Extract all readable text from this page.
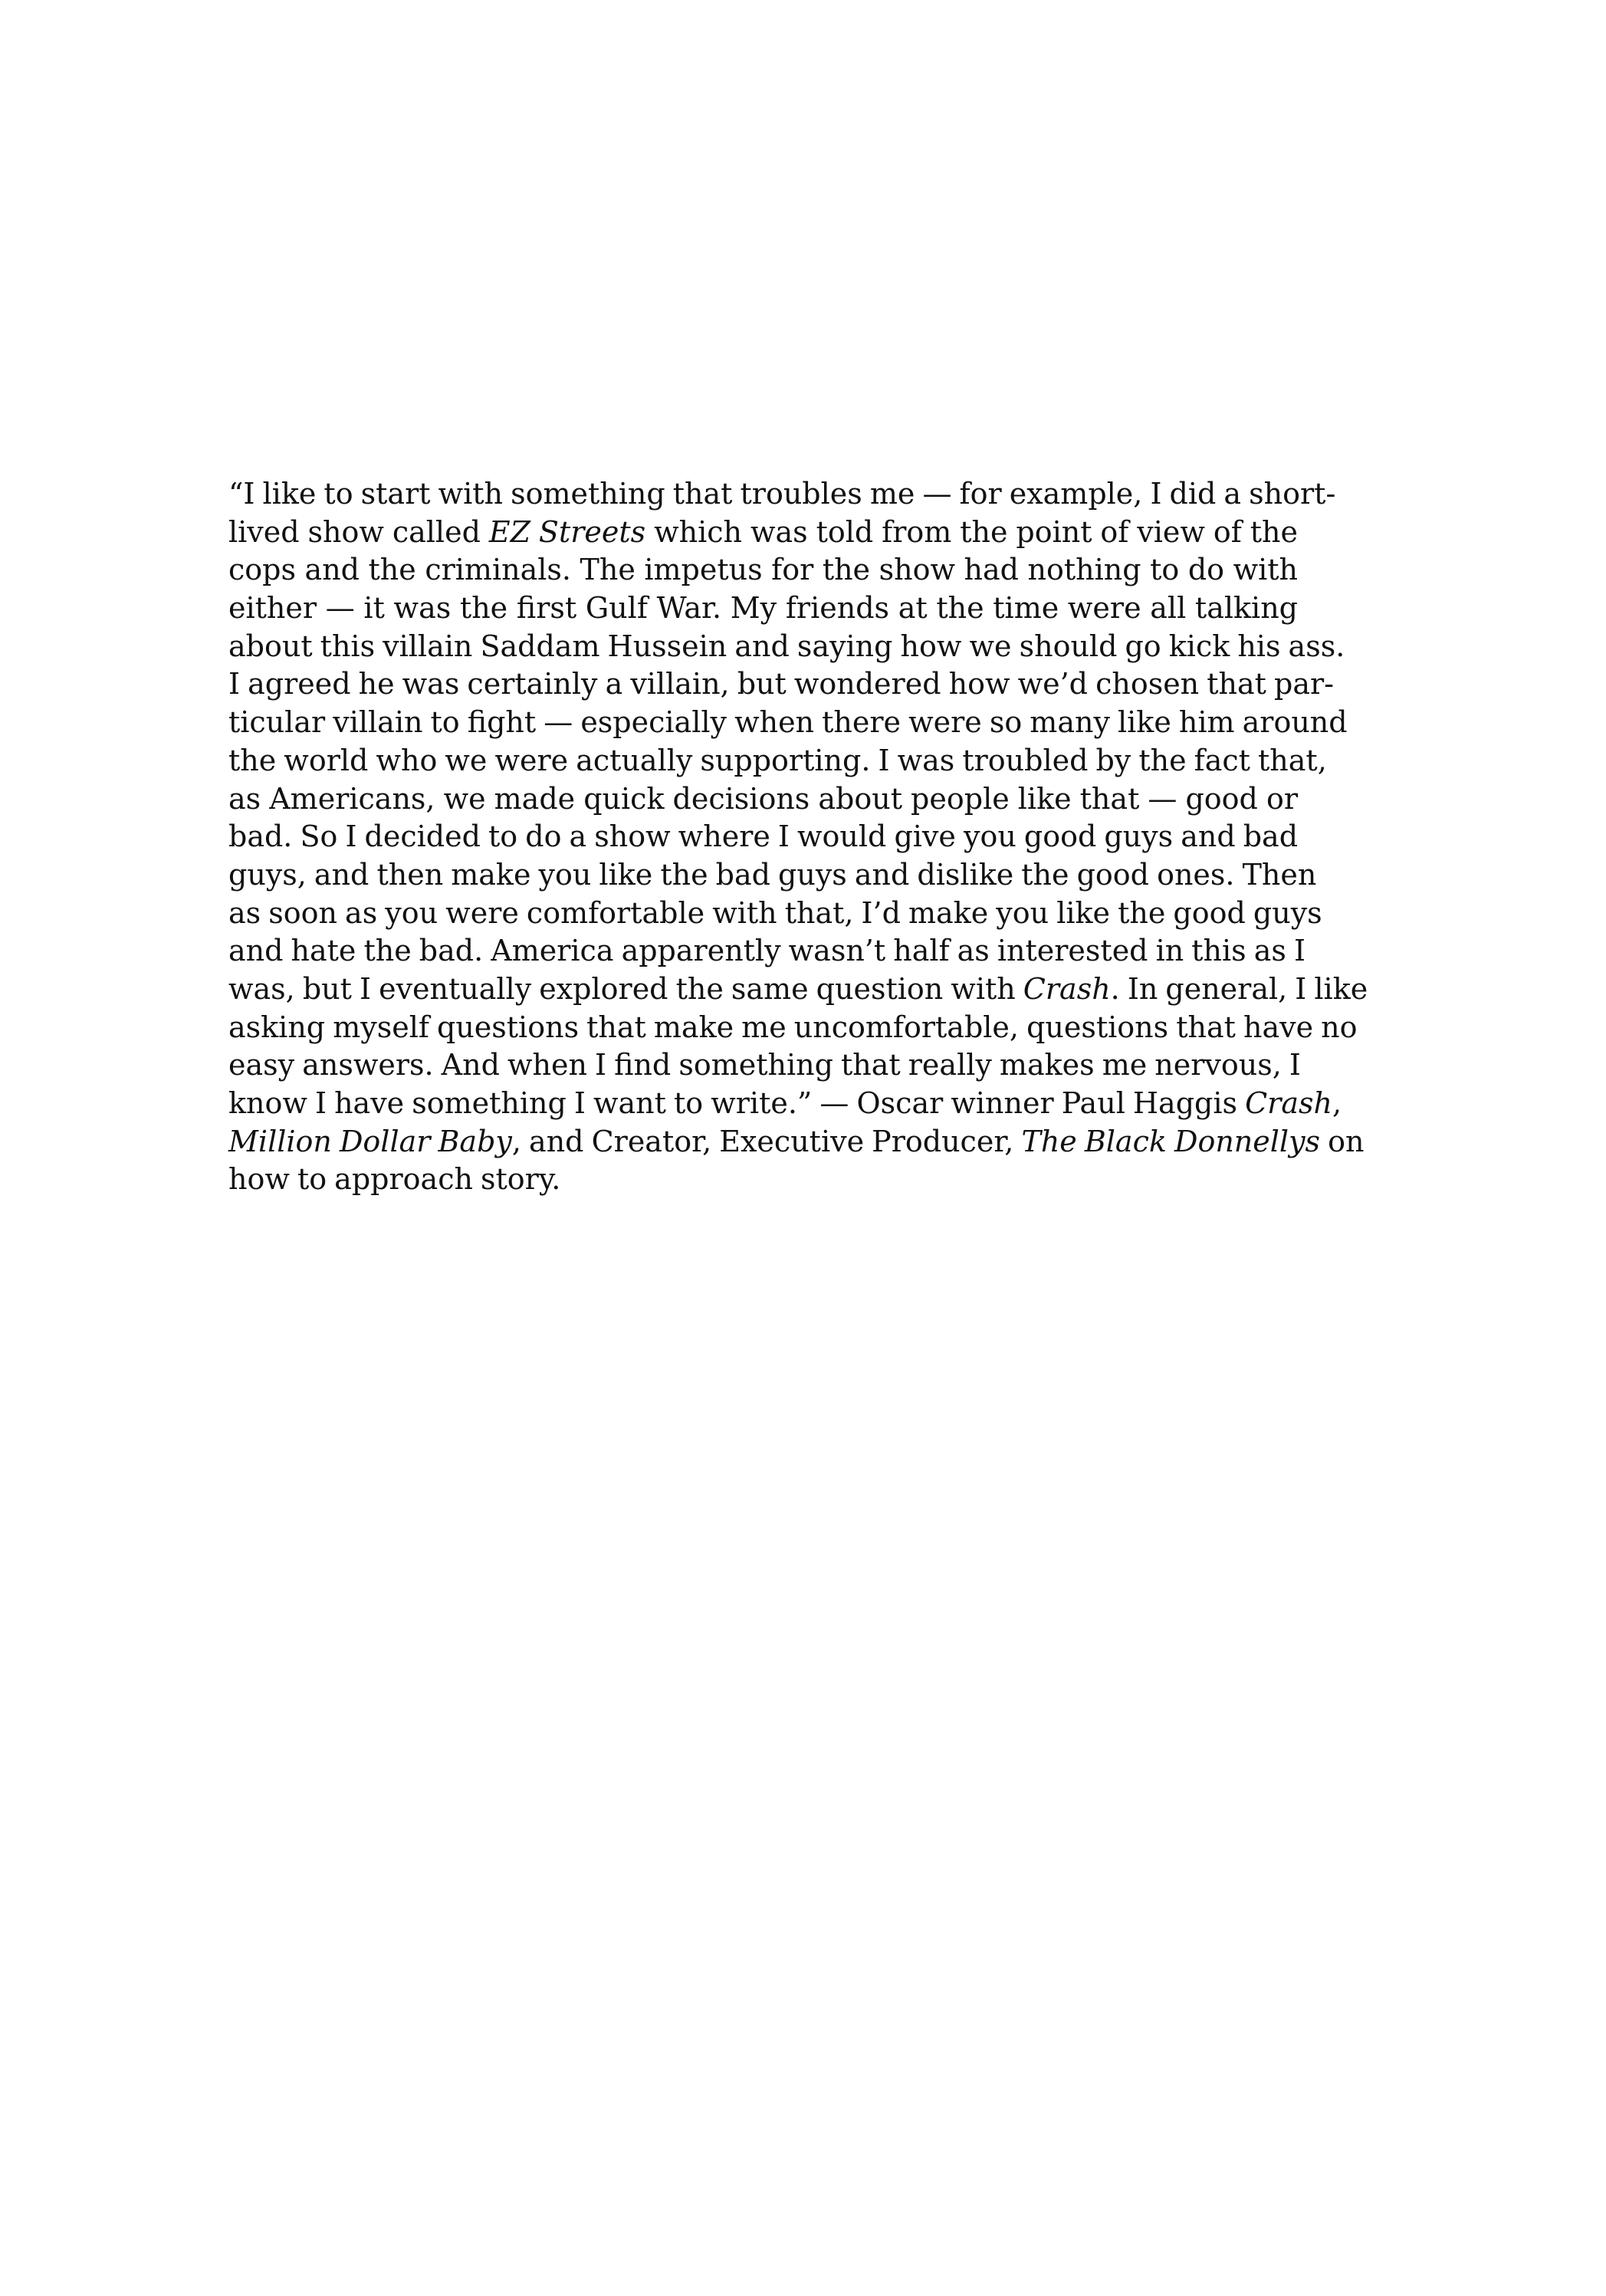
“I like to start with something that troubles me — for example, I did a short-
lived show called EZ Streets which was told from the point of view of the
cops and the criminals. The impetus for the show had nothing to do with
either — it was the first Gulf War. My friends at the time were all talking
about this villain Saddam Hussein and saying how we should go kick his ass.
I agreed he was certainly a villain, but wondered how we’d chosen that par-
ticular villain to fight — especially when there were so many like him around
the world who we were actually supporting. I was troubled by the fact that,
as Americans, we made quick decisions about people like that — good or
bad. So I decided to do a show where I would give you good guys and bad
guys, and then make you like the bad guys and dislike the good ones. Then
as soon as you were comfortable with that, I’d make you like the good guys
and hate the bad. America apparently wasn’t half as interested in this as I
was, but I eventually explored the same question with Crash. In general, I like
asking myself questions that make me uncomfortable, questions that have no
easy answers. And when I find something that really makes me nervous, I
know I have something I want to write.” — Oscar winner Paul Haggis Crash,
Million Dollar Baby, and Creator, Executive Producer, The Black Donnellys on
how to approach story.
